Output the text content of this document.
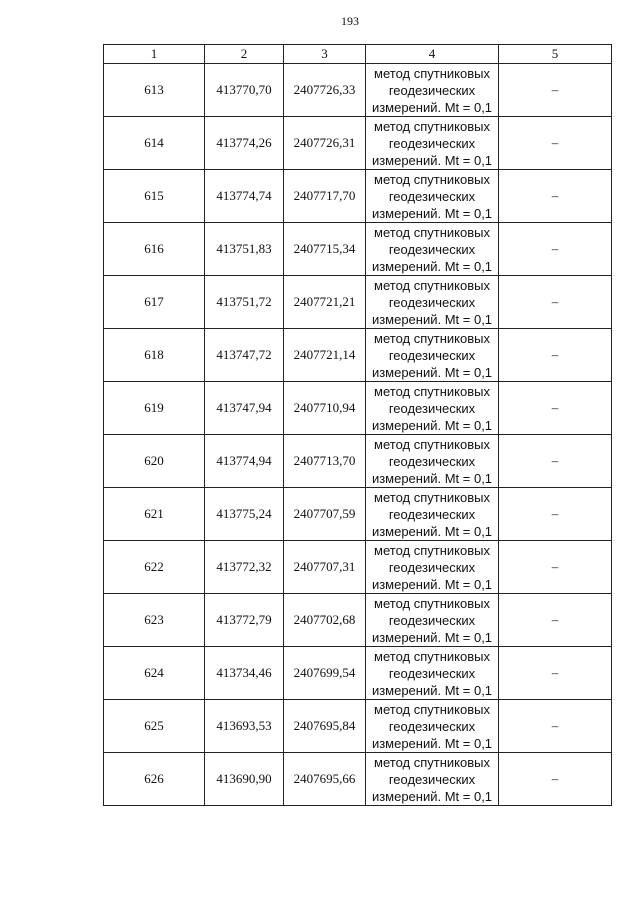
193
1	2	3	4	5
613	413770,70	2407726,33	метод спутниковых
геодезических
измерений. Mt = 0,1	–
614	413774,26	2407726,31	метод спутниковых
геодезических
измерений. Mt = 0,1	–
615	413774,74	2407717,70	метод спутниковых
геодезических
измерений. Mt = 0,1	–
616	413751,83	2407715,34	метод спутниковых
геодезических
измерений. Mt = 0,1	–
617	413751,72	2407721,21	метод спутниковых
геодезических
измерений. Mt = 0,1	–
618	413747,72	2407721,14	метод спутниковых
геодезических
измерений. Mt = 0,1	–
619	413747,94	2407710,94	метод спутниковых
геодезических
измерений. Mt = 0,1	–
620	413774,94	2407713,70	метод спутниковых
геодезических
измерений. Mt = 0,1	–
621	413775,24	2407707,59	метод спутниковых
геодезических
измерений. Mt = 0,1	–
622	413772,32	2407707,31	метод спутниковых
геодезических
измерений. Mt = 0,1	–
623	413772,79	2407702,68	метод спутниковых
геодезических
измерений. Mt = 0,1	–
624	413734,46	2407699,54	метод спутниковых
геодезических
измерений. Mt = 0,1	–
625	413693,53	2407695,84	метод спутниковых
геодезических
измерений. Mt = 0,1	–
626	413690,90	2407695,66	метод спутниковых
геодезических
измерений. Mt = 0,1	–
